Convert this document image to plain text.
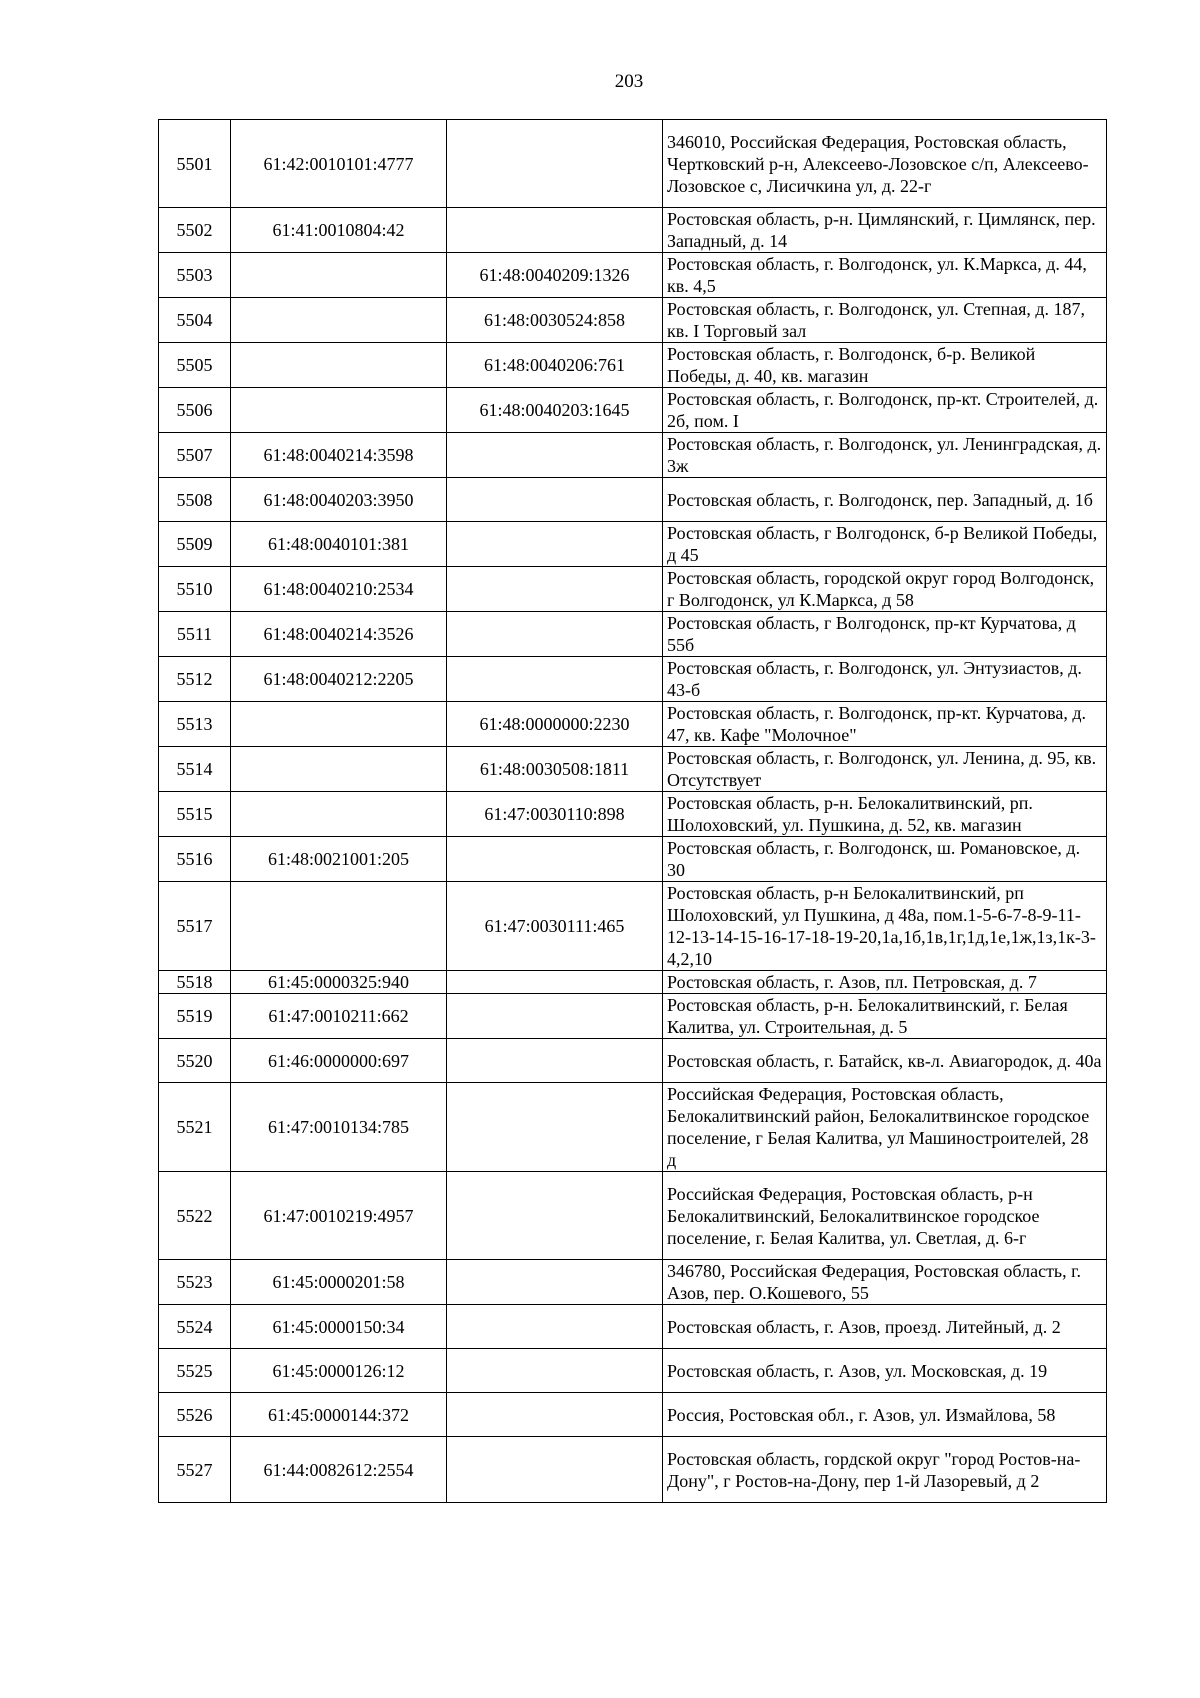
203
5501	61:42:0010101:4777		346010, Российская Федерация, Ростовская область, Чертковский р-н, Алексеево-Лозовское с/п, Алексеево-Лозовское с, Лисичкина ул, д. 22-г
5502	61:41:0010804:42		Ростовская область, р-н. Цимлянский, г. Цимлянск, пер. Западный, д. 14
5503		61:48:0040209:1326	Ростовская область, г. Волгодонск, ул. К.Маркса, д. 44, кв. 4,5
5504		61:48:0030524:858	Ростовская область, г. Волгодонск, ул. Степная, д. 187, кв. I Торговый зал
5505		61:48:0040206:761	Ростовская область, г. Волгодонск, б-р. Великой Победы, д. 40, кв. магазин
5506		61:48:0040203:1645	Ростовская область, г. Волгодонск, пр-кт. Строителей, д. 2б, пом. I
5507	61:48:0040214:3598		Ростовская область, г. Волгодонск, ул. Ленинградская, д. 3ж
5508	61:48:0040203:3950		Ростовская область, г. Волгодонск, пер. Западный, д. 1б
5509	61:48:0040101:381		Ростовская область, г Волгодонск, б-р Великой Победы, д 45
5510	61:48:0040210:2534		Ростовская область, городской округ город Волгодонск, г Волгодонск, ул К.Маркса, д 58
5511	61:48:0040214:3526		Ростовская область, г Волгодонск, пр-кт Курчатова, д 55б
5512	61:48:0040212:2205		Ростовская область, г. Волгодонск, ул. Энтузиастов, д. 43-б
5513		61:48:0000000:2230	Ростовская область, г. Волгодонск, пр-кт. Курчатова, д. 47, кв. Кафе "Молочное"
5514		61:48:0030508:1811	Ростовская область, г. Волгодонск, ул. Ленина, д. 95, кв. Отсутствует
5515		61:47:0030110:898	Ростовская область, р-н. Белокалитвинский, рп. Шолоховский, ул. Пушкина, д. 52, кв. магазин
5516	61:48:0021001:205		Ростовская область, г. Волгодонск, ш. Романовское, д. 30
5517		61:47:0030111:465	Ростовская область, р-н Белокалитвинский, рп Шолоховский, ул Пушкина, д 48а, пом.1-5-6-7-8-9-11-12-13-14-15-16-17-18-19-20,1а,1б,1в,1г,1д,1е,1ж,1з,1к-3-4,2,10
5518	61:45:0000325:940		Ростовская область, г. Азов, пл. Петровская, д. 7
5519	61:47:0010211:662		Ростовская область, р-н. Белокалитвинский, г. Белая Калитва, ул. Строительная, д. 5
5520	61:46:0000000:697		Ростовская область, г. Батайск, кв-л. Авиагородок, д. 40а
5521	61:47:0010134:785		Российская Федерация, Ростовская область, Белокалитвинский район, Белокалитвинское городское поселение, г Белая Калитва, ул Машиностроителей, 28 д
5522	61:47:0010219:4957		Российская Федерация, Ростовская область, р-н Белокалитвинский, Белокалитвинское городское поселение, г. Белая Калитва, ул. Светлая, д. 6-г
5523	61:45:0000201:58		346780, Российская Федерация, Ростовская область, г. Азов, пер. О.Кошевого, 55
5524	61:45:0000150:34		Ростовская область, г. Азов, проезд. Литейный, д. 2
5525	61:45:0000126:12		Ростовская область, г. Азов, ул. Московская, д. 19
5526	61:45:0000144:372		Россия, Ростовская обл., г. Азов, ул. Измайлова, 58
5527	61:44:0082612:2554		Ростовская область, гордской округ "город Ростов-на-Дону", г Ростов-на-Дону, пер 1-й Лазоревый, д 2
